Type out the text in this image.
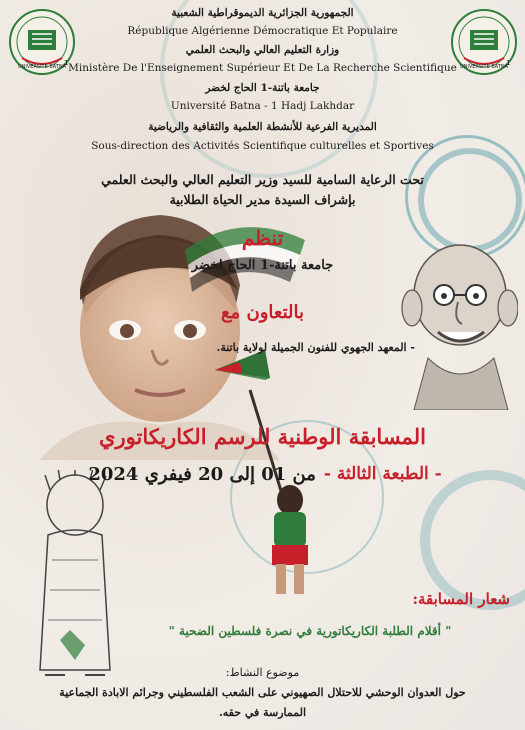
UNIVERSITE BATNA
1	UNIVERSITE BATNA
1
الجمهورية الجزائرية الديموقراطية الشعبية
République Algérienne Démocratique Et Populaire
وزارة التعليم العالي والبحث العلمي
Ministère De l'Enseignement Supérieur Et De La Recherche Scientifique
جامعة باتنة-1 الحاج لخضر
Université Batna - 1 Hadj Lakhdar
المديرية الفرعية للأنشطة العلمية والثقافية والرياضية
Sous-direction des Activités Scientifique culturelles et Sportives
تحت الرعاية السامية للسيد وزير التعليم العالي والبحث العلمي
بإشراف السيدة مدير الحياة الطلابية
تنظم
جامعة باتنة-1 الحاج لخضر
بالتعاون مع
- المعهد الجهوي للفنون الجميلة لولاية باتنة.
المسابقة الوطنية للرسم الكاريكاتوري
- الطبعة الثالثة -
من 01 إلى 20 فيفري 2024
شعار المسابقة:
" أقلام الطلبة الكاريكاتورية في نصرة فلسطين الضحية "
موضوع النشاط:
حول العدوان الوحشي للاحتلال الصهيوني على الشعب الفلسطيني وجرائم الابادة الجماعية
الممارسة في حقه.
